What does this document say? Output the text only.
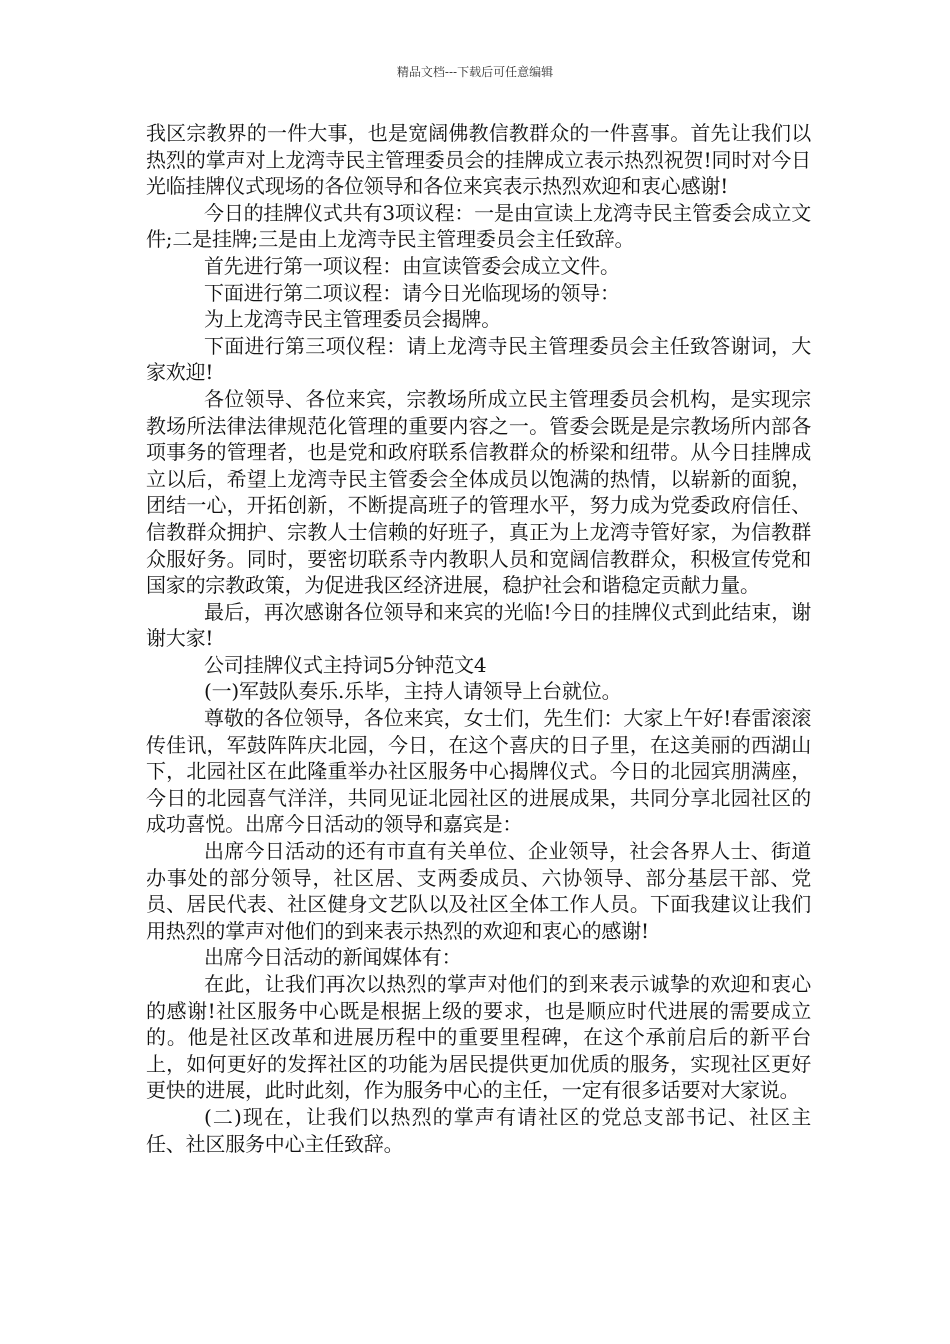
精品文档---下载后可任意编辑

我区宗教界的一件大事，也是宽阔佛教信教群众的一件喜事。首先让我们以热烈的掌声对上龙湾寺民主管理委员会的挂牌成立表示热烈祝贺!同时对今日光临挂牌仪式现场的各位领导和各位来宾表示热烈欢迎和衷心感谢!

今日的挂牌仪式共有3项议程：一是由宣读上龙湾寺民主管委会成立文件;二是挂牌;三是由上龙湾寺民主管理委员会主任致辞。

首先进行第一项议程：由宣读管委会成立文件。

下面进行第二项议程：请今日光临现场的领导：

为上龙湾寺民主管理委员会揭牌。

下面进行第三项仪程：请上龙湾寺民主管理委员会主任致答谢词，大家欢迎!

各位领导、各位来宾，宗教场所成立民主管理委员会机构，是实现宗教场所法律法律规范化管理的重要内容之一。管委会既是是宗教场所内部各项事务的管理者，也是党和政府联系信教群众的桥梁和纽带。从今日挂牌成立以后，希望上龙湾寺民主管委会全体成员以饱满的热情，以崭新的面貌，团结一心，开拓创新，不断提高班子的管理水平，努力成为党委政府信任、信教群众拥护、宗教人士信赖的好班子，真正为上龙湾寺管好家，为信教群众服好务。同时，要密切联系寺内教职人员和宽阔信教群众，积极宣传党和国家的宗教政策，为促进我区经济进展，稳护社会和谐稳定贡献力量。

最后，再次感谢各位领导和来宾的光临!今日的挂牌仪式到此结束，谢谢大家!

公司挂牌仪式主持词5分钟范文4

(一)军鼓队奏乐.乐毕，主持人请领导上台就位。

尊敬的各位领导，各位来宾，女士们，先生们：大家上午好!春雷滚滚传佳讯，军鼓阵阵庆北园，今日，在这个喜庆的日子里，在这美丽的西湖山下，北园社区在此隆重举办社区服务中心揭牌仪式。今日的北园宾朋满座，今日的北园喜气洋洋，共同见证北园社区的进展成果，共同分享北园社区的成功喜悦。出席今日活动的领导和嘉宾是：

出席今日活动的还有市直有关单位、企业领导，社会各界人士、街道办事处的部分领导，社区居、支两委成员、六协领导、部分基层干部、党员、居民代表、社区健身文艺队以及社区全体工作人员。下面我建议让我们用热烈的掌声对他们的到来表示热烈的欢迎和衷心的感谢!

出席今日活动的新闻媒体有：

在此，让我们再次以热烈的掌声对他们的到来表示诚挚的欢迎和衷心的感谢!社区服务中心既是根据上级的要求，也是顺应时代进展的需要成立的。他是社区改革和进展历程中的重要里程碑，在这个承前启后的新平台上，如何更好的发挥社区的功能为居民提供更加优质的服务，实现社区更好更快的进展，此时此刻，作为服务中心的主任，一定有很多话要对大家说。

(二)现在，让我们以热烈的掌声有请社区的党总支部书记、社区主任、社区服务中心主任致辞。
